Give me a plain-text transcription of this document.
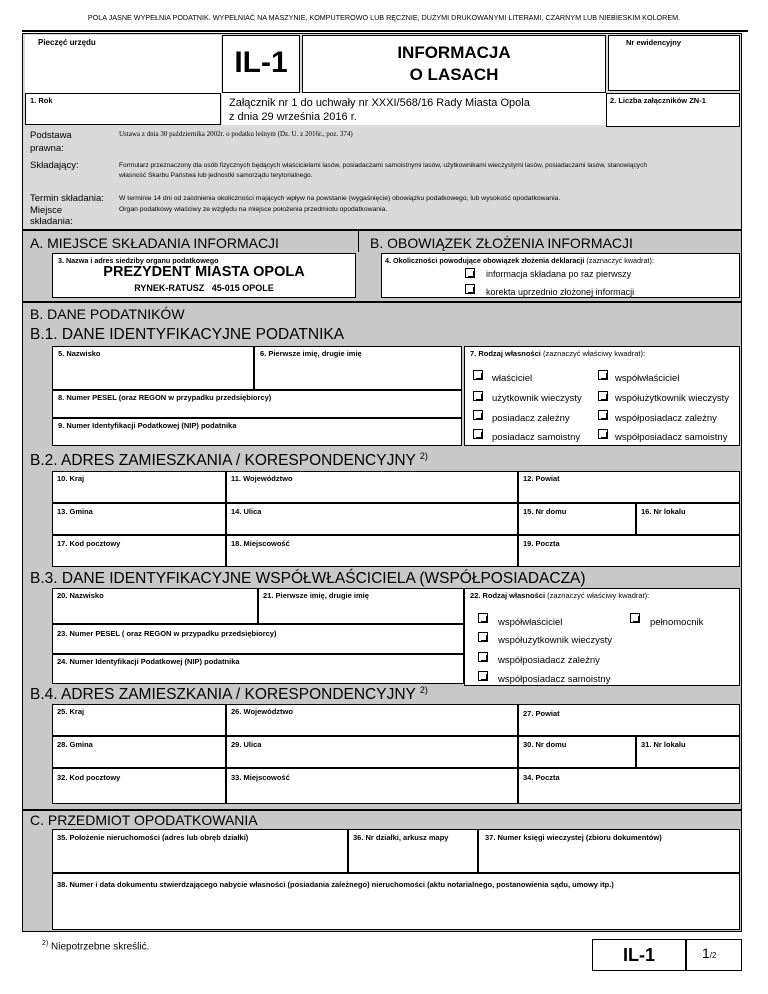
POLA JASNE WYPEŁNIA PODATNIK. WYPEŁNIAĆ NA MASZYNIE, KOMPUTEROWO LUB RĘCZNIE, DUŻYMI DRUKOWANYMI LITERAMI, CZARNYM LUB NIEBIESKIM KOLOREM.
Pieczęć urzędu
IL-1	INFORMACJA
O LASACH
Nr ewidencyjny
1. Rok	Załącznik nr 1 do uchwały nr XXXI/568/16 Rady Miasta Opola
z dnia 29 września 2016 r.
2. Liczba załączników ZN-1
Podstawa
prawna:
Ustawa z dnia 30 października 2002r. o podatku leśnym (Dz. U. z 2016r., poz. 374)
Składający:	Formularz przeznaczony dla osób fizycznych będących właścicielami lasów, posiadaczami samoistnymi lasów, użytkownikami wieczystymi lasów, posiadaczami lasów, stanowiących
własność Skarbu Państwa lub jednostki samorządu terytorialnego.
Termin składania: W terminie 14 dni od zaistnienia okoliczności mających wpływ na powstanie (wygaśnięcie) obowiązku podatkowego, lub wysokość opodatkowania.
Miejsce
składania:
Organ podatkowy właściwy ze względu na miejsce położenia przedmiotu opodatkowania.
A. MIEJSCE SKŁADANIA INFORMACJI	B. OBOWIĄZEK ZŁOŻENIA INFORMACJI
3. Nazwa i adres siedziby organu podatkowego
PREZYDENT MIASTA OPOLA
RYNEK-RATUSZ   45-015 OPOLE
4. Okoliczności powodujące obowiązek złożenia deklaracji (zaznaczyć kwadrat):
informacja składana po raz pierwszy
korekta uprzednio złożonej informacji
B. DANE PODATNIKÓW
B.1. DANE IDENTYFIKACYJNE PODATNIKA
5. Nazwisko	6. Pierwsze imię, drugie imię	7. Rodzaj własności (zaznaczyć właściwy kwadrat):
8. Numer PESEL (oraz REGON w przypadku przedsiębiorcy)
9. Numer Identyfikacji Podatkowej (NIP) podatnika
właściciel	współwłaściciel
użytkownik wieczysty	współużytkownik wieczysty
posiadacz zależny	współposiadacz zależny
posiadacz samoistny	współposiadacz samoistny
B.2. ADRES ZAMIESZKANIA / KORESPONDENCYJNY $^{2)}$
10. Kraj	11. Województwo	12. Powiat
13. Gmina	14. Ulica	15. Nr domu	16. Nr lokalu
17. Kod pocztowy	18. Miejscowość	19. Poczta
B.3. DANE IDENTYFIKACYJNE WSPÓŁWŁAŚCICIELA (WSPÓŁPOSIADACZA)
20. Nazwisko	21. Pierwsze imię, drugie imię	22. Rodzaj własności (zaznaczyć właściwy kwadrat):
23. Numer PESEL ( oraz REGON w przypadku przedsiębiorcy)
24. Numer Identyfikacji Podatkowej (NIP) podatnika
współwłaściciel	pełnomocnik
współużytkownik wieczysty
współposiadacz zależny
współposiadacz samoistny
B.4. ADRES ZAMIESZKANIA / KORESPONDENCYJNY $^{2)}$
25. Kraj	26. Województwo	27. Powiat
28. Gmina	29. Ulica	30. Nr domu	31. Nr lokalu
32. Kod pocztowy	33. Miejscowość	34. Poczta
C. PRZEDMIOT OPODATKOWANIA
35. Położenie nieruchomości (adres lub obręb działki)	36. Nr działki, arkusz mapy	37. Numer księgi wieczystej (zbioru dokumentów)
38. Numer i data dokumentu stwierdzającego nabycie własności (posiadania zależnego) nieruchomości (aktu notarialnego, postanowienia sądu, umowy itp.)
$^{2)}$ Niepotrzebne skreślić.	IL-1	1/2
